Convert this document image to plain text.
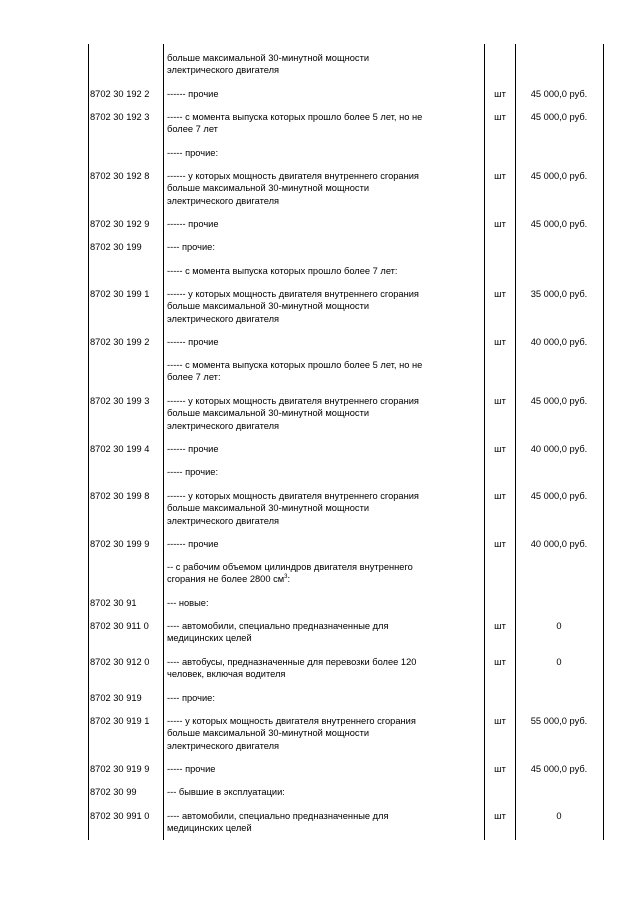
больше максимальной 30-минутной мощности
электрического двигателя
8702 30 192 2 ------ прочие	шт	45 000,0 руб.
8702 30 192 3 ----- с момента выпуска которых прошло более 5 лет, но не
более 7 лет
шт	45 000,0 руб.
----- прочие:
8702 30 192 8 ------ у которых мощность двигателя внутреннего сгорания
больше максимальной 30-минутной мощности
электрического двигателя
шт	45 000,0 руб.
8702 30 192 9 ------ прочие	шт	45 000,0 руб.
8702 30 199	---- прочие:
----- с момента выпуска которых прошло более 7 лет:
8702 30 199 1 ------ у которых мощность двигателя внутреннего сгорания
больше максимальной 30-минутной мощности
электрического двигателя
шт	35 000,0 руб.
8702 30 199 2 ------ прочие	шт	40 000,0 руб.
----- с момента выпуска которых прошло более 5 лет, но не
более 7 лет:
8702 30 199 3 ------ у которых мощность двигателя внутреннего сгорания
больше максимальной 30-минутной мощности
электрического двигателя
шт	45 000,0 руб.
8702 30 199 4 ------ прочие	шт	40 000,0 руб.
----- прочие:
8702 30 199 8 ------ у которых мощность двигателя внутреннего сгорания
больше максимальной 30-минутной мощности
электрического двигателя
шт	45 000,0 руб.
8702 30 199 9 ------ прочие	шт	40 000,0 руб.
-- с рабочим объемом цилиндров двигателя внутреннего
сгорания не более 2800 $см^3$:
8702 30 91	--- новые:
8702 30 911 0 ---- автомобили, специально предназначенные для
медицинских целей
шт	0
8702 30 912 0 ---- автобусы, предназначенные для перевозки более 120
человек, включая водителя
шт	0
8702 30 919	---- прочие:
8702 30 919 1 ----- у которых мощность двигателя внутреннего сгорания
больше максимальной 30-минутной мощности
электрического двигателя
шт	55 000,0 руб.
8702 30 919 9 ----- прочие	шт	45 000,0 руб.
8702 30 99	--- бывшие в эксплуатации:
8702 30 991 0 ---- автомобили, специально предназначенные для
медицинских целей
шт	0
